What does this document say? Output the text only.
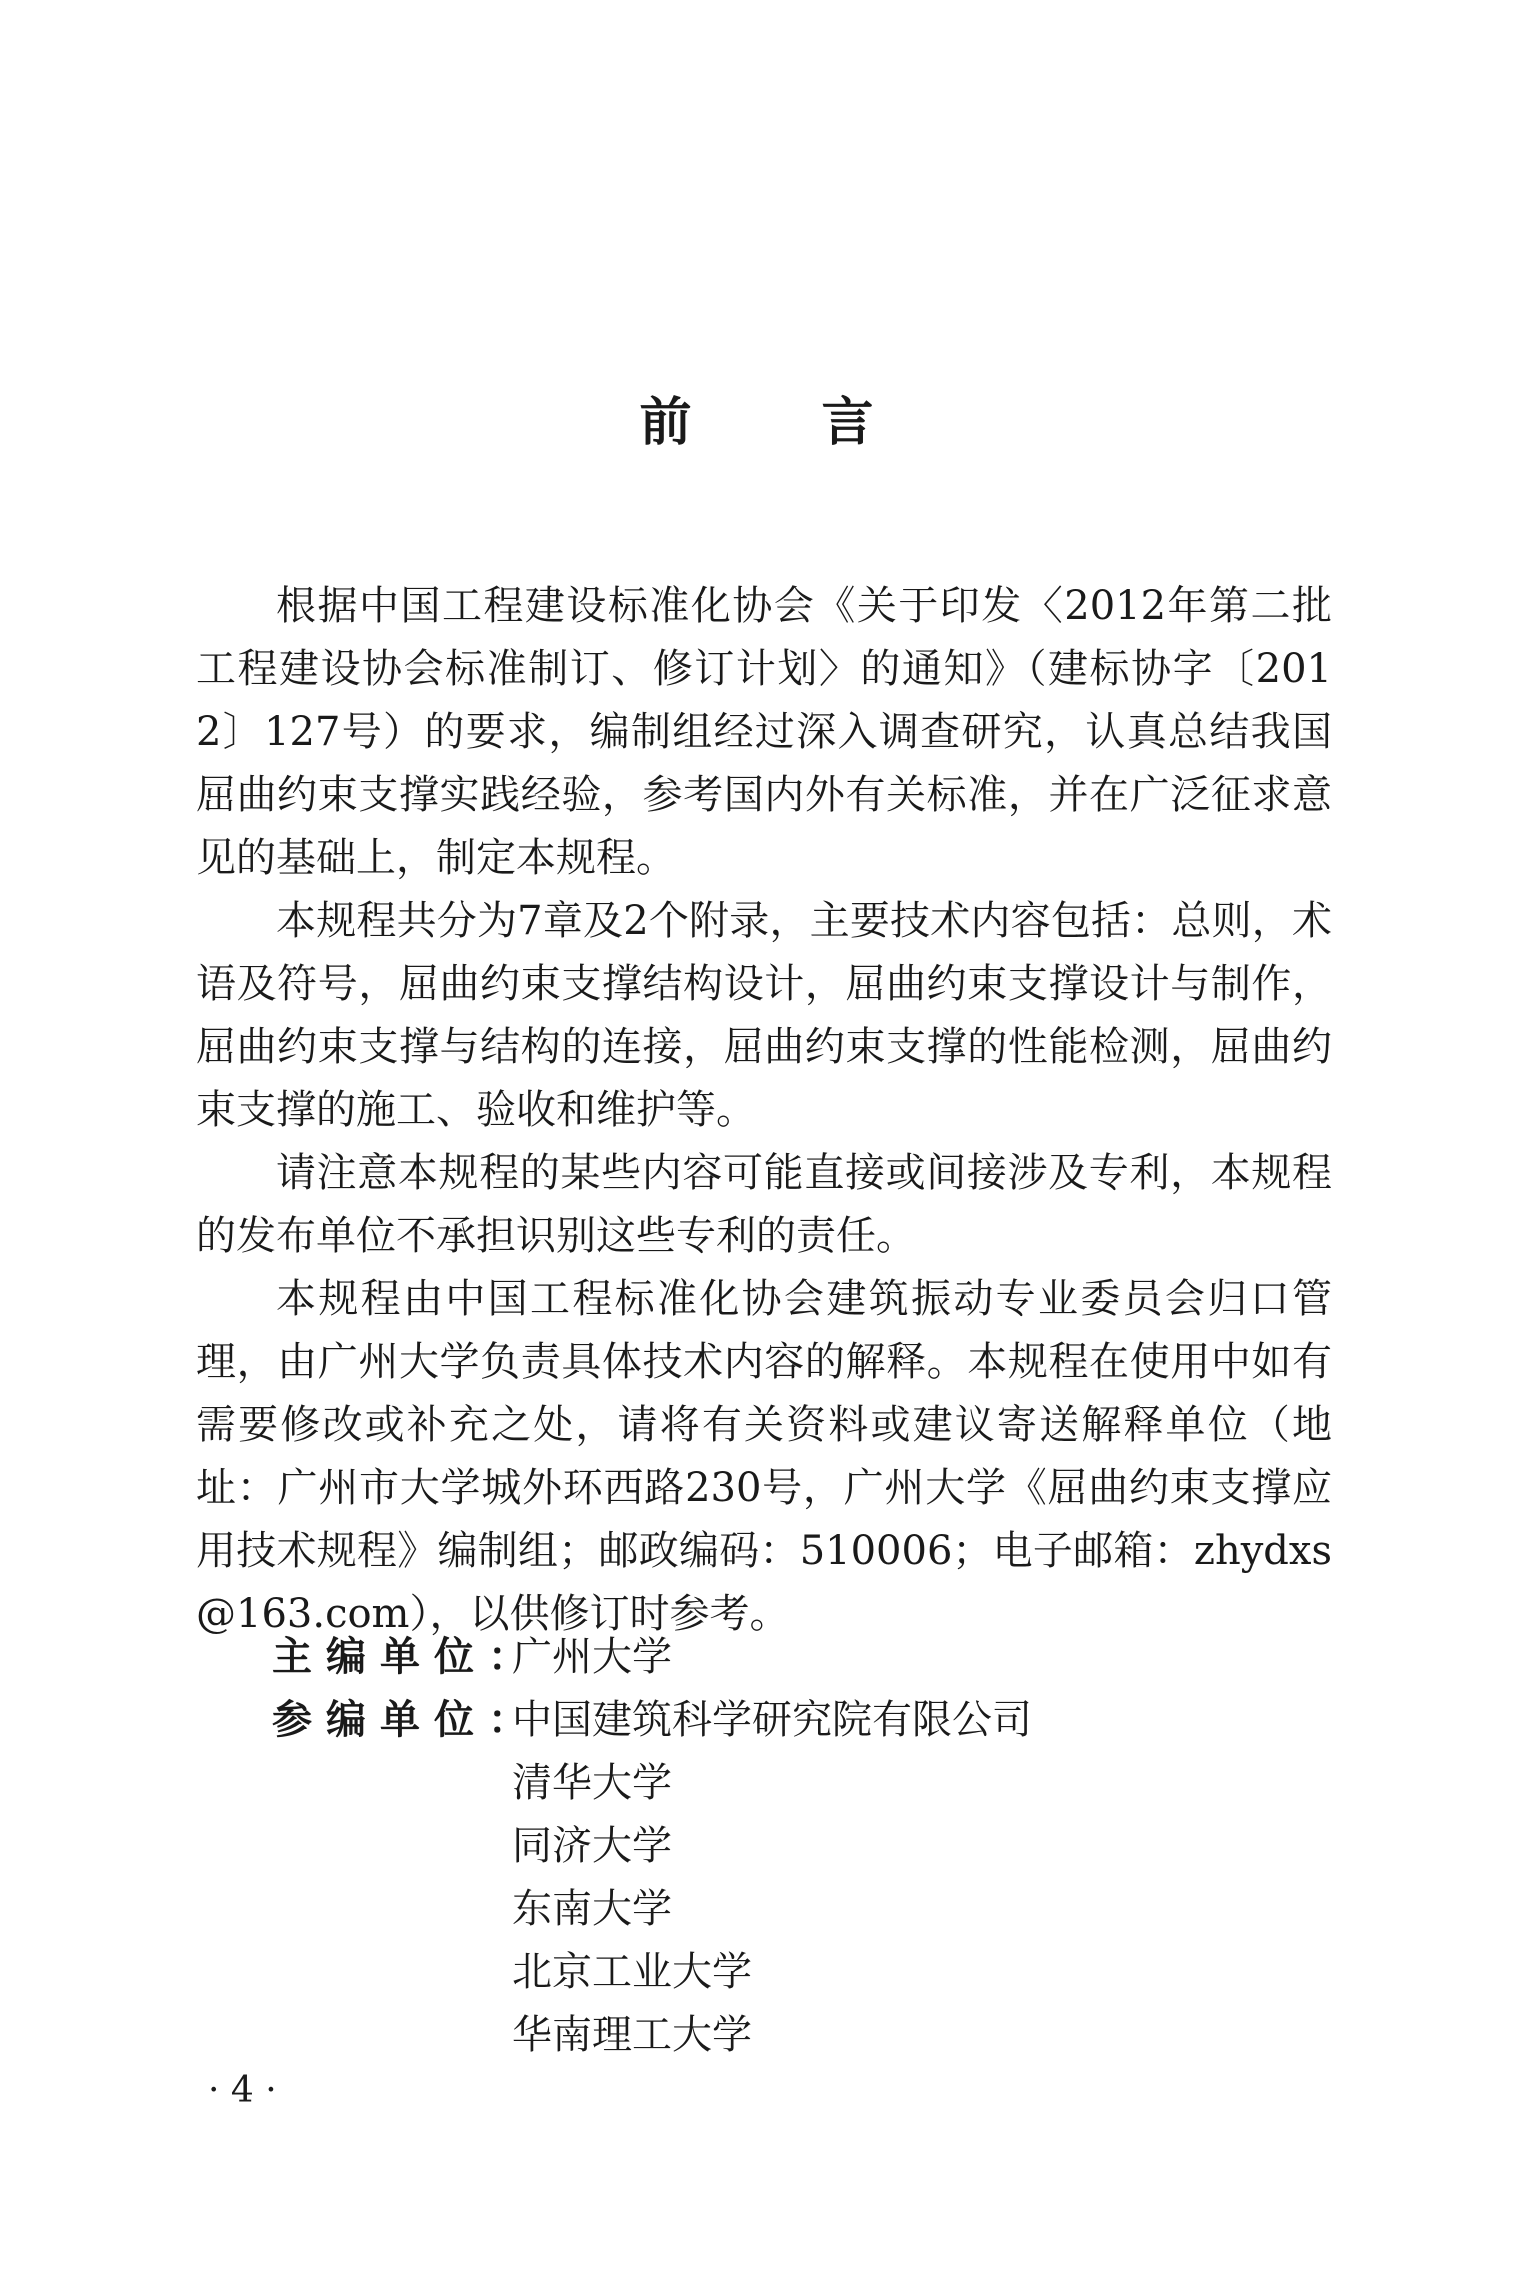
前言

根据中国工程建设标准化协会《关于印发〈2012年第二批工程建设协会标准制订、修订计划〉的通知》（建标协字〔2012〕127号）的要求，编制组经过深入调查研究，认真总结我国屈曲约束支撑实践经验，参考国内外有关标准，并在广泛征求意见的基础上，制定本规程。

本规程共分为7章及2个附录，主要技术内容包括：总则，术语及符号，屈曲约束支撑结构设计，屈曲约束支撑设计与制作，屈曲约束支撑与结构的连接，屈曲约束支撑的性能检测，屈曲约束支撑的施工、验收和维护等。

请注意本规程的某些内容可能直接或间接涉及专利，本规程的发布单位不承担识别这些专利的责任。

本规程由中国工程标准化协会建筑振动专业委员会归口管理，由广州大学负责具体技术内容的解释。本规程在使用中如有需要修改或补充之处，请将有关资料或建议寄送解释单位（地址：广州市大学城外环西路230号，广州大学《屈曲约束支撑应用技术规程》编制组；邮政编码：510006；电子邮箱：zhydxs@163.com），以供修订时参考。

主编单位：
广州大学
参编单位：
中国建筑科学研究院有限公司
清华大学
同济大学
东南大学
北京工业大学
华南理工大学
· 4 ·
